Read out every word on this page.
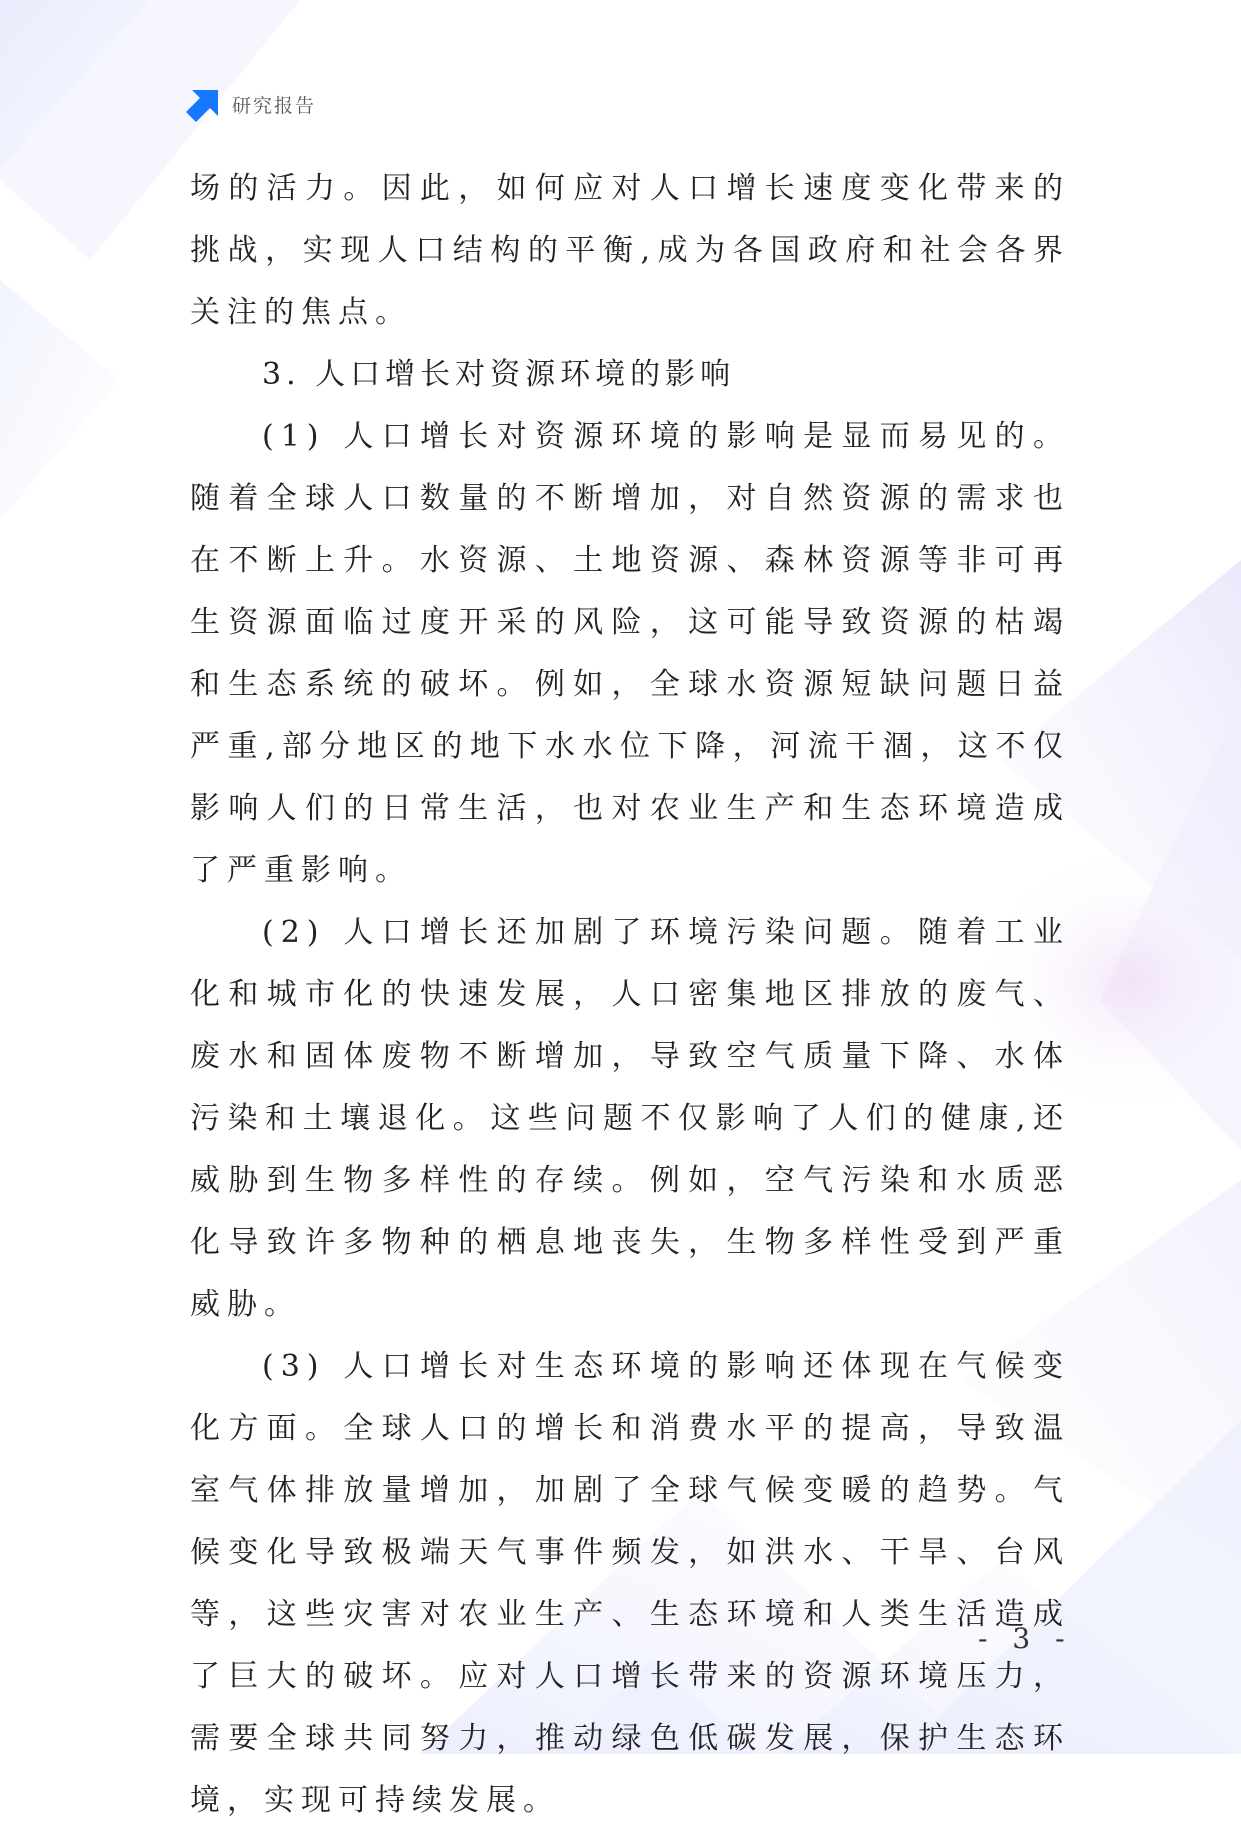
研究报告

场的活力。因此，如何应对人口增长速度变化带来的挑战，实现人口结构的平衡,成为各国政府和社会各界关注的焦点。

3. 人口增长对资源环境的影响

(1) 人口增长对资源环境的影响是显而易见的。随着全球人口数量的不断增加，对自然资源的需求也在不断上升。水资源、土地资源、森林资源等非可再生资源面临过度开采的风险，这可能导致资源的枯竭和生态系统的破坏。例如，全球水资源短缺问题日益严重,部分地区的地下水水位下降，河流干涸，这不仅影响人们的日常生活，也对农业生产和生态环境造成了严重影响。

(2) 人口增长还加剧了环境污染问题。随着工业化和城市化的快速发展，人口密集地区排放的废气、废水和固体废物不断增加，导致空气质量下降、水体污染和土壤退化。这些问题不仅影响了人们的健康,还威胁到生物多样性的存续。例如，空气污染和水质恶化导致许多物种的栖息地丧失，生物多样性受到严重威胁。

(3) 人口增长对生态环境的影响还体现在气候变化方面。全球人口的增长和消费水平的提高，导致温室气体排放量增加，加剧了全球气候变暖的趋势。气候变化导致极端天气事件频发，如洪水、干旱、台风等，这些灾害对农业生产、生态环境和人类生活造成了巨大的破坏。应对人口增长带来的资源环境压力，需要全球共同努力，推动绿色低碳发展，保护生态环境，实现可持续发展。

- 3 -
